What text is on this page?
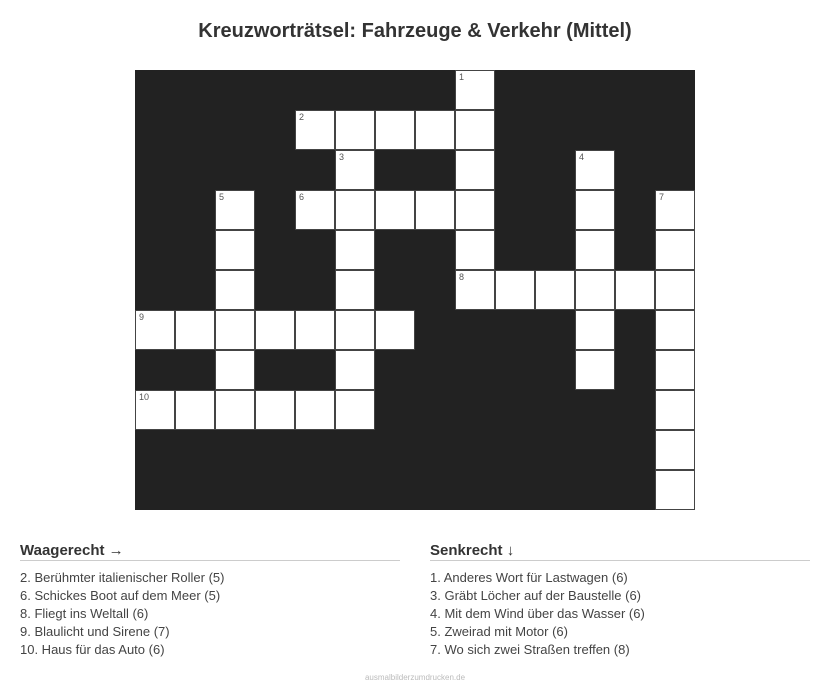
Kreuzworträtsel: Fahrzeuge & Verkehr (Mittel)
1
8
2
3	4
5	6	7
9
10
Waagerecht →
2. Berühmter italienischer Roller (5)
6. Schickes Boot auf dem Meer (5)
8. Fliegt ins Weltall (6)
9. Blaulicht und Sirene (7)
10. Haus für das Auto (6)
Senkrecht ↓
1. Anderes Wort für Lastwagen (6)
3. Gräbt Löcher auf der Baustelle (6)
4. Mit dem Wind über das Wasser (6)
5. Zweirad mit Motor (6)
7. Wo sich zwei Straßen treffen (8)
ausmalbilderzumdrucken.de
